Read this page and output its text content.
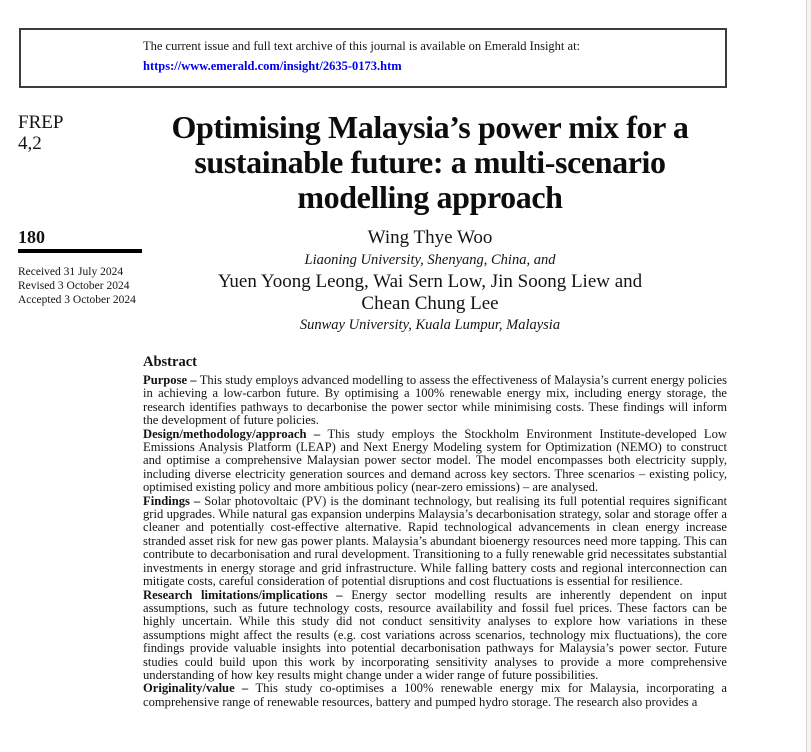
The current issue and full text archive of this journal is available on Emerald Insight at:
https://www.emerald.com/insight/2635-0173.htm
FREP
4,2
180
Received 31 July 2024
Revised 3 October 2024
Accepted 3 October 2024
Optimising Malaysia’s power mix for a
sustainable future: a multi-scenario
modelling approach
Wing Thye Woo
Liaoning University, Shenyang, China, and
Yuen Yoong Leong, Wai Sern Low, Jin Soong Liew and
Chean Chung Lee
Sunway University, Kuala Lumpur, Malaysia
Abstract

Purpose – This study employs advanced modelling to assess the effectiveness of Malaysia’s current energy policies in achieving a low-carbon future. By optimising a 100% renewable energy mix, including energy storage, the research identifies pathways to decarbonise the power sector while minimising costs. These findings will inform the development of future policies.

Design/methodology/approach – This study employs the Stockholm Environment Institute-developed Low Emissions Analysis Platform (LEAP) and Next Energy Modeling system for Optimization (NEMO) to construct and optimise a comprehensive Malaysian power sector model. The model encompasses both electricity supply, including diverse electricity generation sources and demand across key sectors. Three scenarios – existing policy, optimised existing policy and more ambitious policy (near-zero emissions) – are analysed.

Findings – Solar photovoltaic (PV) is the dominant technology, but realising its full potential requires significant grid upgrades. While natural gas expansion underpins Malaysia’s decarbonisation strategy, solar and storage offer a cleaner and potentially cost-effective alternative. Rapid technological advancements in clean energy increase stranded asset risk for new gas power plants. Malaysia’s abundant bioenergy resources need more tapping. This can contribute to decarbonisation and rural development. Transitioning to a fully renewable grid necessitates substantial investments in energy storage and grid infrastructure. While falling battery costs and regional interconnection can mitigate costs, careful consideration of potential disruptions and cost fluctuations is essential for resilience.

Research limitations/implications – Energy sector modelling results are inherently dependent on input assumptions, such as future technology costs, resource availability and fossil fuel prices. These factors can be highly uncertain. While this study did not conduct sensitivity analyses to explore how variations in these assumptions might affect the results (e.g. cost variations across scenarios, technology mix fluctuations), the core findings provide valuable insights into potential decarbonisation pathways for Malaysia’s power sector. Future studies could build upon this work by incorporating sensitivity analyses to provide a more comprehensive understanding of how key results might change under a wider range of future possibilities.

Originality/value – This study co-optimises a 100% renewable energy mix for Malaysia, incorporating a comprehensive range of renewable resources, battery and pumped hydro storage. The research also provides a
